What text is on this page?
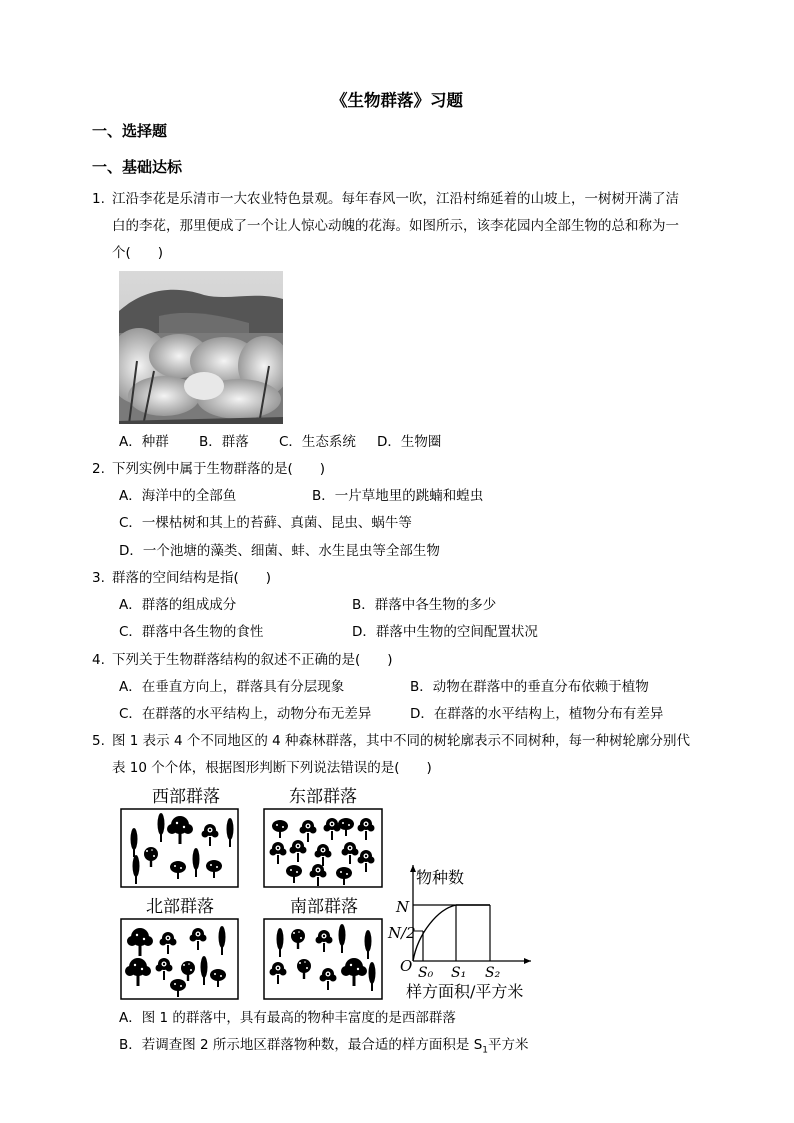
《生物群落》习题
一、选择题
一、基础达标
1. 江沿李花是乐清市一大农业特色景观。每年春风一吹，江沿村绵延着的山坡上，一树树开满了洁
白的李花，那里便成了一个让人惊心动魄的花海。如图所示，该李花园内全部生物的总和称为一
个(　　)
A．种群 B．群落 C．生态系统 D．生物圈
2. 下列实例中属于生物群落的是(　　)
A．海洋中的全部鱼	B．一片草地里的跳蝻和蝗虫
C．一棵枯树和其上的苔藓、真菌、昆虫、蜗牛等
D．一个池塘的藻类、细菌、蚌、水生昆虫等全部生物
3. 群落的空间结构是指(　　)
A．群落的组成成分	B．群落中各生物的多少
C．群落中各生物的食性	D．群落中生物的空间配置状况
4. 下列关于生物群落结构的叙述不正确的是(　　)
A．在垂直方向上，群落具有分层现象	B．动物在群落中的垂直分布依赖于植物
C．在群落的水平结构上，动物分布无差异	D．在群落的水平结构上，植物分布有差异
5. 图 1 表示 4 个不同地区的 4 种森林群落，其中不同的树轮廓表示不同树种，每一种树轮廓分别代
表 10 个个体，根据图形判断下列说法错误的是(　　)
西部群落	东部群落
北部群落	南部群落
物种数
N
N/2
O S₀ S₁ S₂
样方面积/平方米
A．图 1 的群落中，具有最高的物种丰富度的是西部群落
B．若调查图 2 所示地区群落物种数，最合适的样方面积是 $S_1$平方米
